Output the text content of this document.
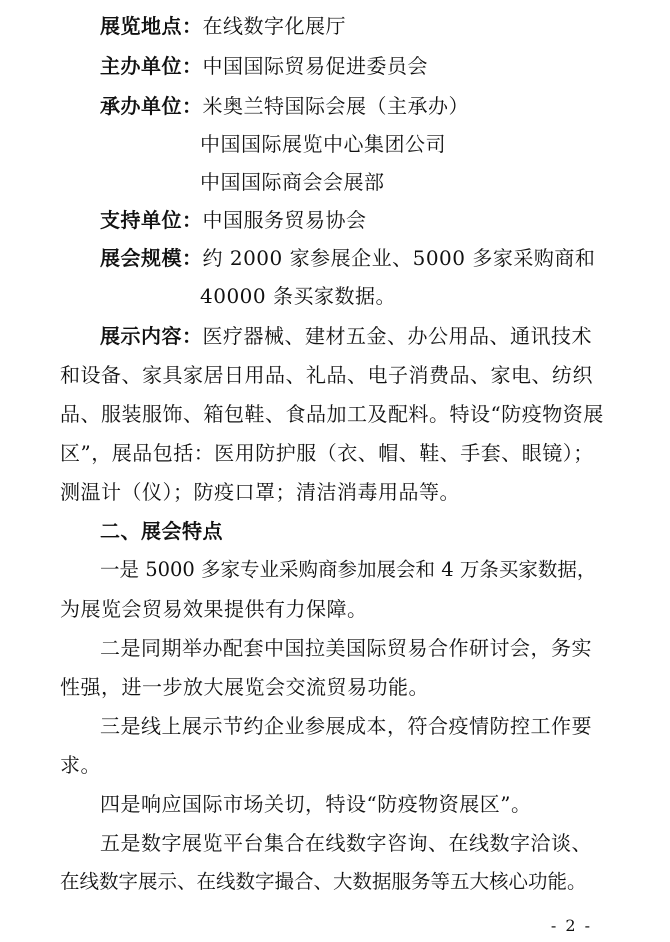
展览地点：在线数字化展厅
主办单位：中国国际贸易促进委员会
承办单位：米奥兰特国际会展（主承办）
中国国际展览中心集团公司
中国国际商会会展部
支持单位：中国服务贸易协会
展会规模：约 2000 家参展企业、5000 多家采购商和
40000 条买家数据。
展示内容：医疗器械、建材五金、办公用品、通讯技术
和设备、家具家居日用品、礼品、电子消费品、家电、纺织
品、服装服饰、箱包鞋、食品加工及配料。特设“防疫物资展
区”，展品包括：医用防护服（衣、帽、鞋、手套、眼镜）；
测温计（仪）；防疫口罩；清洁消毒用品等。
二、展会特点
一是 5000 多家专业采购商参加展会和 4 万条买家数据，
为展览会贸易效果提供有力保障。
二是同期举办配套中国拉美国际贸易合作研讨会，务实
性强，进一步放大展览会交流贸易功能。
三是线上展示节约企业参展成本，符合疫情防控工作要
求。
四是响应国际市场关切，特设“防疫物资展区”。
五是数字展览平台集合在线数字咨询、在线数字洽谈、
在线数字展示、在线数字撮合、大数据服务等五大核心功能。
- 2 -
